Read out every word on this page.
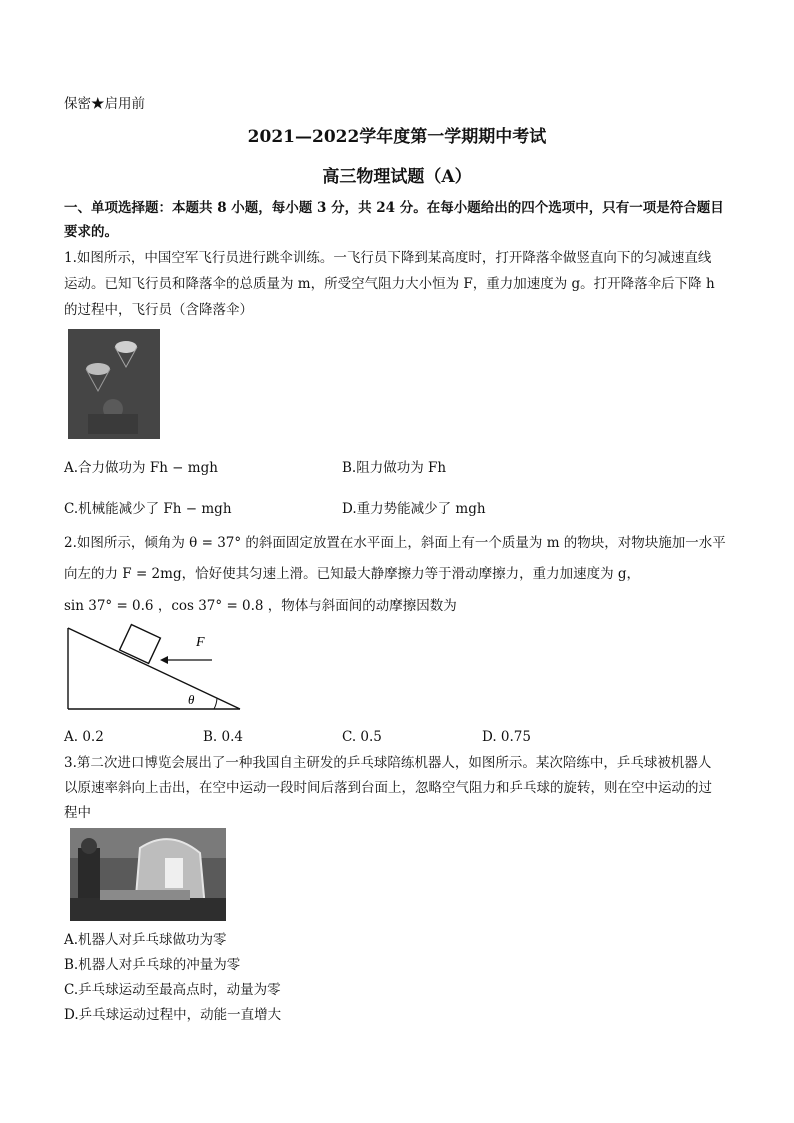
保密★启用前
2021—2022学年度第一学期期中考试
高三物理试题（A）
一、单项选择题：本题共 8 小题，每小题 3 分，共 24 分。在每小题给出的四个选项中，只有一项是符合题目要求的。
1.如图所示，中国空军飞行员进行跳伞训练。一飞行员下降到某高度时，打开降落伞做竖直向下的匀减速直线
运动。已知飞行员和降落伞的总质量为 m，所受空气阻力大小恒为 F，重力加速度为 g。打开降落伞后下降 h
的过程中，飞行员（含降落伞）
A.合力做功为 Fh − mgh	B.阻力做功为 Fh
C.机械能减少了 Fh − mgh	D.重力势能减少了 mgh
2.如图所示，倾角为 θ = 37° 的斜面固定放置在水平面上，斜面上有一个质量为 m 的物块，对物块施加一水平
向左的力 F = 2mg，恰好使其匀速上滑。已知最大静摩擦力等于滑动摩擦力，重力加速度为 g，
sin 37° = 0.6 ，cos 37° = 0.8 ，物体与斜面间的动摩擦因数为
F
θ
A. 0.2	B. 0.4	C. 0.5	D. 0.75
3.第二次进口博览会展出了一种我国自主研发的乒乓球陪练机器人，如图所示。某次陪练中，乒乓球被机器人
以原速率斜向上击出，在空中运动一段时间后落到台面上，忽略空气阻力和乒乓球的旋转，则在空中运动的过
程中
A.机器人对乒乓球做功为零
B.机器人对乒乓球的冲量为零
C.乒乓球运动至最高点时，动量为零
D.乒乓球运动过程中，动能一直增大
